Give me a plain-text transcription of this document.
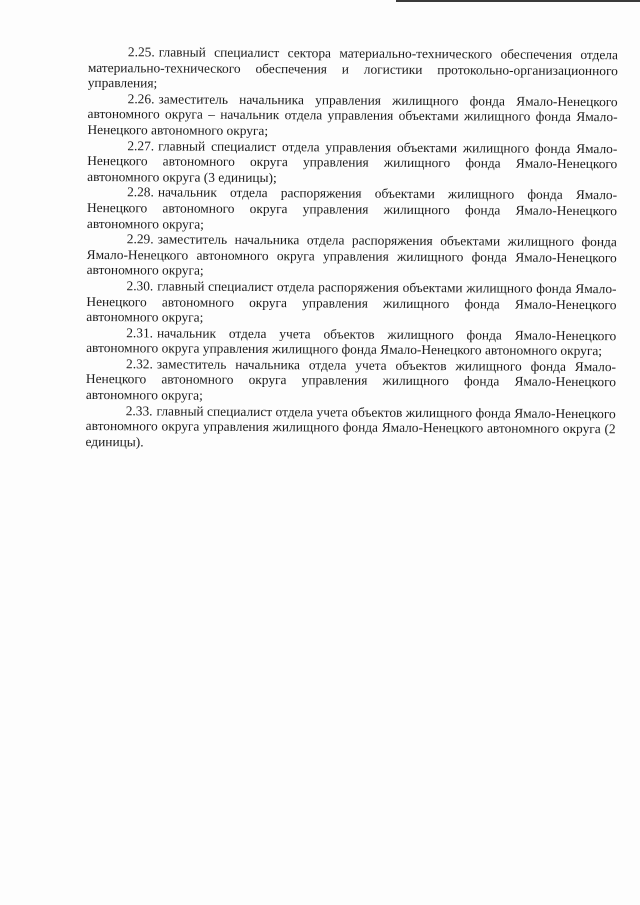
2.25. главный специалист сектора материально-технического обеспечения отдела материально-технического обеспечения и логистики протокольно-организационного управления;

2.26. заместитель начальника управления жилищного фонда Ямало-Ненецкого автономного округа – начальник отдела управления объектами жилищного фонда Ямало-Ненецкого автономного округа;

2.27. главный специалист отдела управления объектами жилищного фонда Ямало-Ненецкого автономного округа управления жилищного фонда Ямало-Ненецкого автономного округа (3 единицы);

2.28. начальник отдела распоряжения объектами жилищного фонда Ямало-Ненецкого автономного округа управления жилищного фонда Ямало-Ненецкого автономного округа;

2.29. заместитель начальника отдела распоряжения объектами жилищного фонда Ямало-Ненецкого автономного округа управления жилищного фонда Ямало-Ненецкого автономного округа;

2.30. главный специалист отдела распоряжения объектами жилищного фонда Ямало-Ненецкого автономного округа управления жилищного фонда Ямало-Ненецкого автономного округа;

2.31. начальник отдела учета объектов жилищного фонда Ямало-Ненецкого автономного округа управления жилищного фонда Ямало-Ненецкого автономного округа;

2.32. заместитель начальника отдела учета объектов жилищного фонда Ямало-Ненецкого автономного округа управления жилищного фонда Ямало-Ненецкого автономного округа;

2.33. главный специалист отдела учета объектов жилищного фонда Ямало-Ненецкого автономного округа управления жилищного фонда Ямало-Ненецкого автономного округа (2 единицы).
